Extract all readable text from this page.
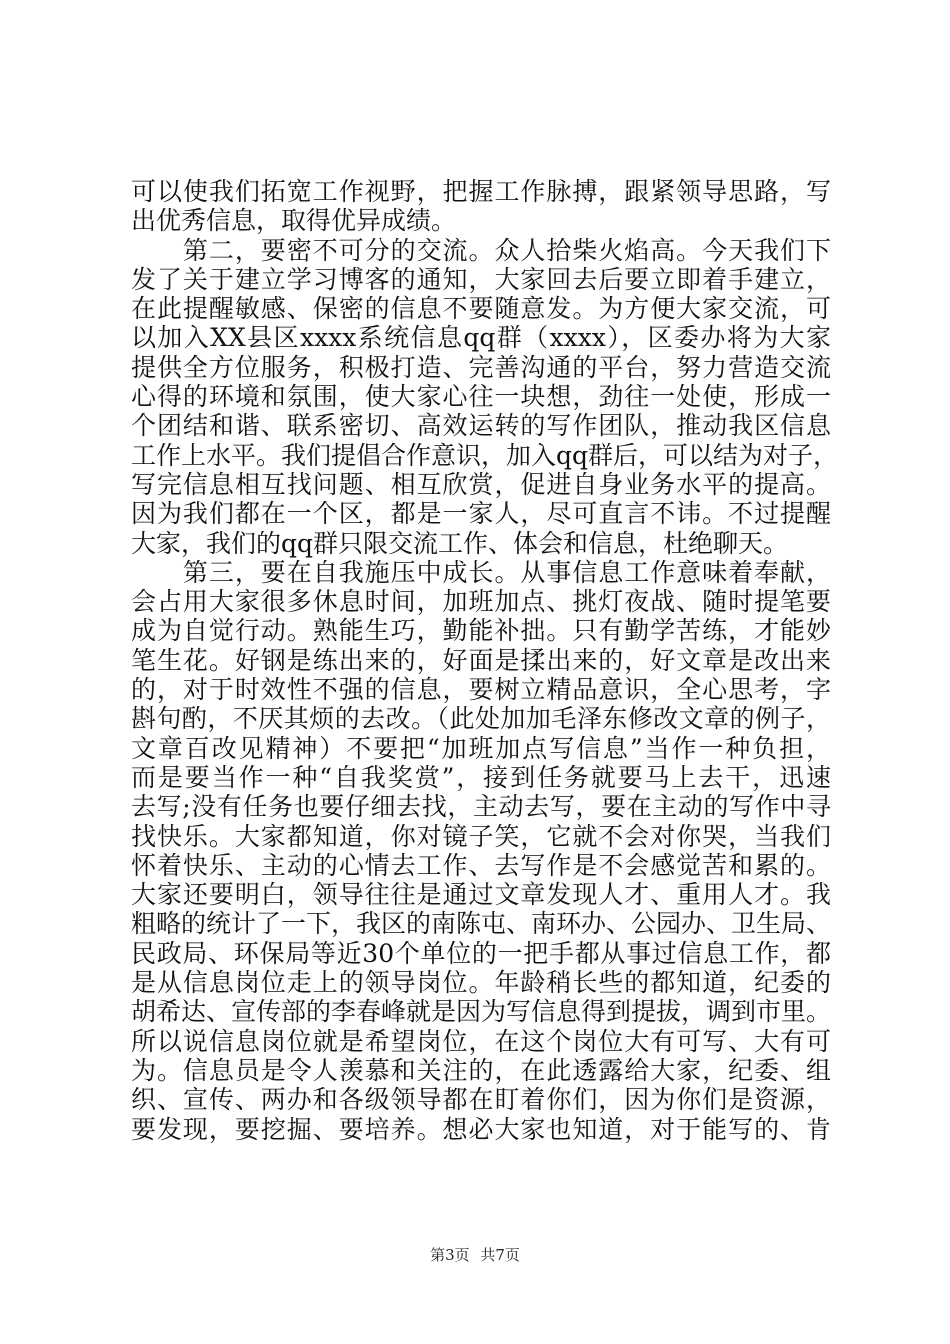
可以使我们拓宽工作视野，把握工作脉搏，跟紧领导思路，写
出优秀信息，取得优异成绩。
　　第二，要密不可分的交流。众人拾柴火焰高。今天我们下
发了关于建立学习博客的通知，大家回去后要立即着手建立，
在此提醒敏感、保密的信息不要随意发。为方便大家交流，可
以加入XX县区xxxx系统信息qq群（xxxx），区委办将为大家
提供全方位服务，积极打造、完善沟通的平台，努力营造交流
心得的环境和氛围，使大家心往一块想，劲往一处使，形成一
个团结和谐、联系密切、高效运转的写作团队，推动我区信息
工作上水平。我们提倡合作意识，加入qq群后，可以结为对子，
写完信息相互找问题、相互欣赏，促进自身业务水平的提高。
因为我们都在一个区，都是一家人，尽可直言不讳。不过提醒
大家，我们的qq群只限交流工作、体会和信息，杜绝聊天。
　　第三，要在自我施压中成长。从事信息工作意味着奉献，
会占用大家很多休息时间，加班加点、挑灯夜战、随时提笔要
成为自觉行动。熟能生巧，勤能补拙。只有勤学苦练，才能妙
笔生花。好钢是练出来的，好面是揉出来的，好文章是改出来
的，对于时效性不强的信息，要树立精品意识，全心思考，字
斟句酌，不厌其烦的去改。（此处加加毛泽东修改文章的例子，
文章百改见精神）不要把“加班加点写信息”当作一种负担，
而是要当作一种“自我奖赏”，接到任务就要马上去干，迅速
去写;没有任务也要仔细去找，主动去写，要在主动的写作中寻
找快乐。大家都知道，你对镜子笑，它就不会对你哭，当我们
怀着快乐、主动的心情去工作、去写作是不会感觉苦和累的。
大家还要明白，领导往往是通过文章发现人才、重用人才。我
粗略的统计了一下，我区的南陈屯、南环办、公园办、卫生局、
民政局、环保局等近30个单位的一把手都从事过信息工作，都
是从信息岗位走上的领导岗位。年龄稍长些的都知道，纪委的
胡希达、宣传部的李春峰就是因为写信息得到提拔，调到市里。
所以说信息岗位就是希望岗位，在这个岗位大有可写、大有可
为。信息员是令人羡慕和关注的，在此透露给大家，纪委、组
织、宣传、两办和各级领导都在盯着你们，因为你们是资源，
要发现，要挖掘、要培养。想必大家也知道，对于能写的、肯
第3页 共7页
